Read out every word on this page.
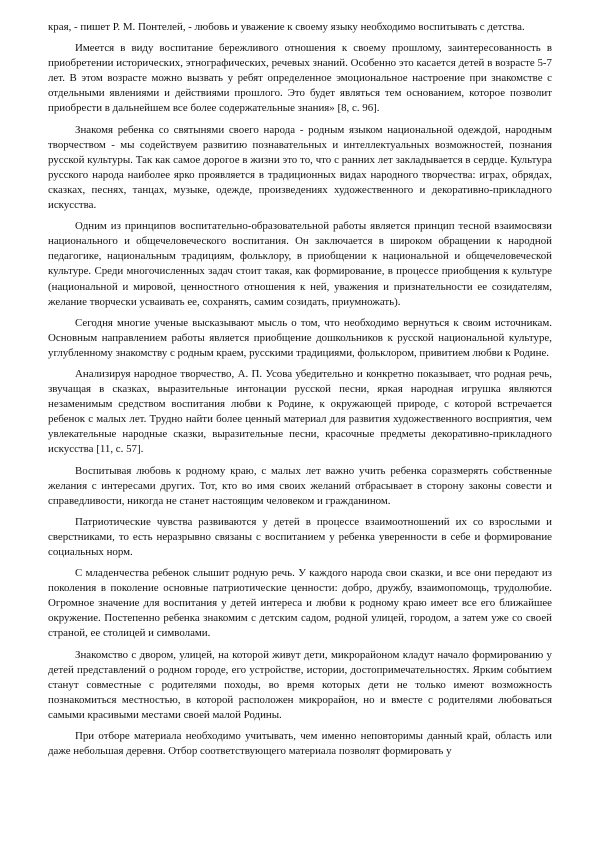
края, - пишет Р. М. Понтелей, - любовь и уважение к своему языку необходимо воспитывать с детства.

Имеется в виду воспитание бережливого отношения к своему прошлому, заинтересованность в приобретении исторических, этнографических, речевых знаний. Особенно это касается детей в возрасте 5-7 лет. В этом возрасте можно вызвать у ребят определенное эмоциональное настроение при знакомстве с отдельными явлениями и действиями прошлого. Это будет являться тем основанием, которое позволит приобрести в дальнейшем все более содержательные знания» [8, с. 96].

Знакомя ребенка со святынями своего народа - родным языком национальной одеждой, народным творчеством - мы содействуем развитию познавательных и интеллектуальных возможностей, познания русской культуры. Так как самое дорогое в жизни это то, что с ранних лет закладывается в сердце. Культура русского народа наиболее ярко проявляется в традиционных видах народного творчества: играх, обрядах, сказках, песнях, танцах, музыке, одежде, произведениях художественного и декоративно-прикладного искусства.

Одним из принципов воспитательно-образовательной работы является принцип тесной взаимосвязи национального и общечеловеческого воспитания. Он заключается в широком обращении к народной педагогике, национальным традициям, фольклору, в приобщении к национальной и общечеловеческой культуре. Среди многочисленных задач стоит такая, как формирование, в процессе приобщения к культуре (национальной и мировой, ценностного отношения к ней, уважения и признательности ее созидателям, желание творчески усваивать ее, сохранять, самим созидать, приумножать).

Сегодня многие ученые высказывают мысль о том, что необходимо вернуться к своим источникам. Основным направлением работы является приобщение дошкольников к русской национальной культуре, углубленному знакомству с родным краем, русскими традициями, фольклором, привитием любви к Родине.

Анализируя народное творчество, А. П. Усова убедительно и конкретно показывает, что родная речь, звучащая в сказках, выразительные интонации русской песни, яркая народная игрушка являются незаменимым средством воспитания любви к Родине, к окружающей природе, с которой встречается ребенок с малых лет. Трудно найти более ценный материал для развития художественного восприятия, чем увлекательные народные сказки, выразительные песни, красочные предметы декоративно-прикладного искусства [11, с. 57].

Воспитывая любовь к родному краю, с малых лет важно учить ребенка соразмерять собственные желания с интересами других. Тот, кто во имя своих желаний отбрасывает в сторону законы совести и справедливости, никогда не станет настоящим человеком и гражданином.

Патриотические чувства развиваются у детей в процессе взаимоотношений их со взрослыми и сверстниками, то есть неразрывно связаны с воспитанием у ребенка уверенности в себе и формирование социальных норм.

С младенчества ребенок слышит родную речь. У каждого народа свои сказки, и все они передают из поколения в поколение основные патриотические ценности: добро, дружбу, взаимопомощь, трудолюбие. Огромное значение для воспитания у детей интереса и любви к родному краю имеет все его ближайшее окружение. Постепенно ребенка знакомим с детским садом, родной улицей, городом, а затем уже со своей страной, ее столицей и символами.

Знакомство с двором, улицей, на которой живут дети, микрорайоном кладут начало формированию у детей представлений о родном городе, его устройстве, истории, достопримечательностях. Ярким событием станут совместные с родителями походы, во время которых дети не только имеют возможность познакомиться местностью, в которой расположен микрорайон, но и вместе с родителями любоваться самыми красивыми местами своей малой Родины.

При отборе материала необходимо учитывать, чем именно неповторимы данный край, область или даже небольшая деревня. Отбор соответствующего материала позволят формировать у
